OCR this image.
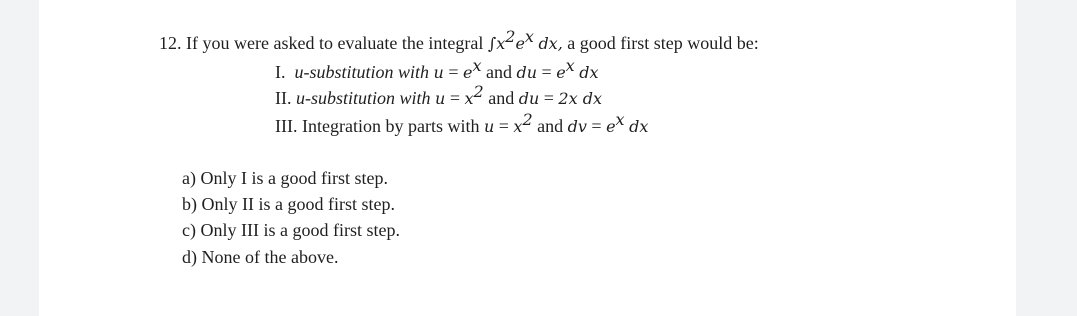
12. If you were asked to evaluate the integral $\int x^2e^x$ dx, a good first step would be:
I. u-substitution with $u = e^x$ and du = $e^x$ dx
II. u-substitution with $u = x^2$ and du = 2x dx
III. Integration by parts with $u = x^2$ and dv = $e^x$ dx
a) Only I is a good first step.
b) Only II is a good first step.
c) Only III is a good first step.
d) None of the above.
